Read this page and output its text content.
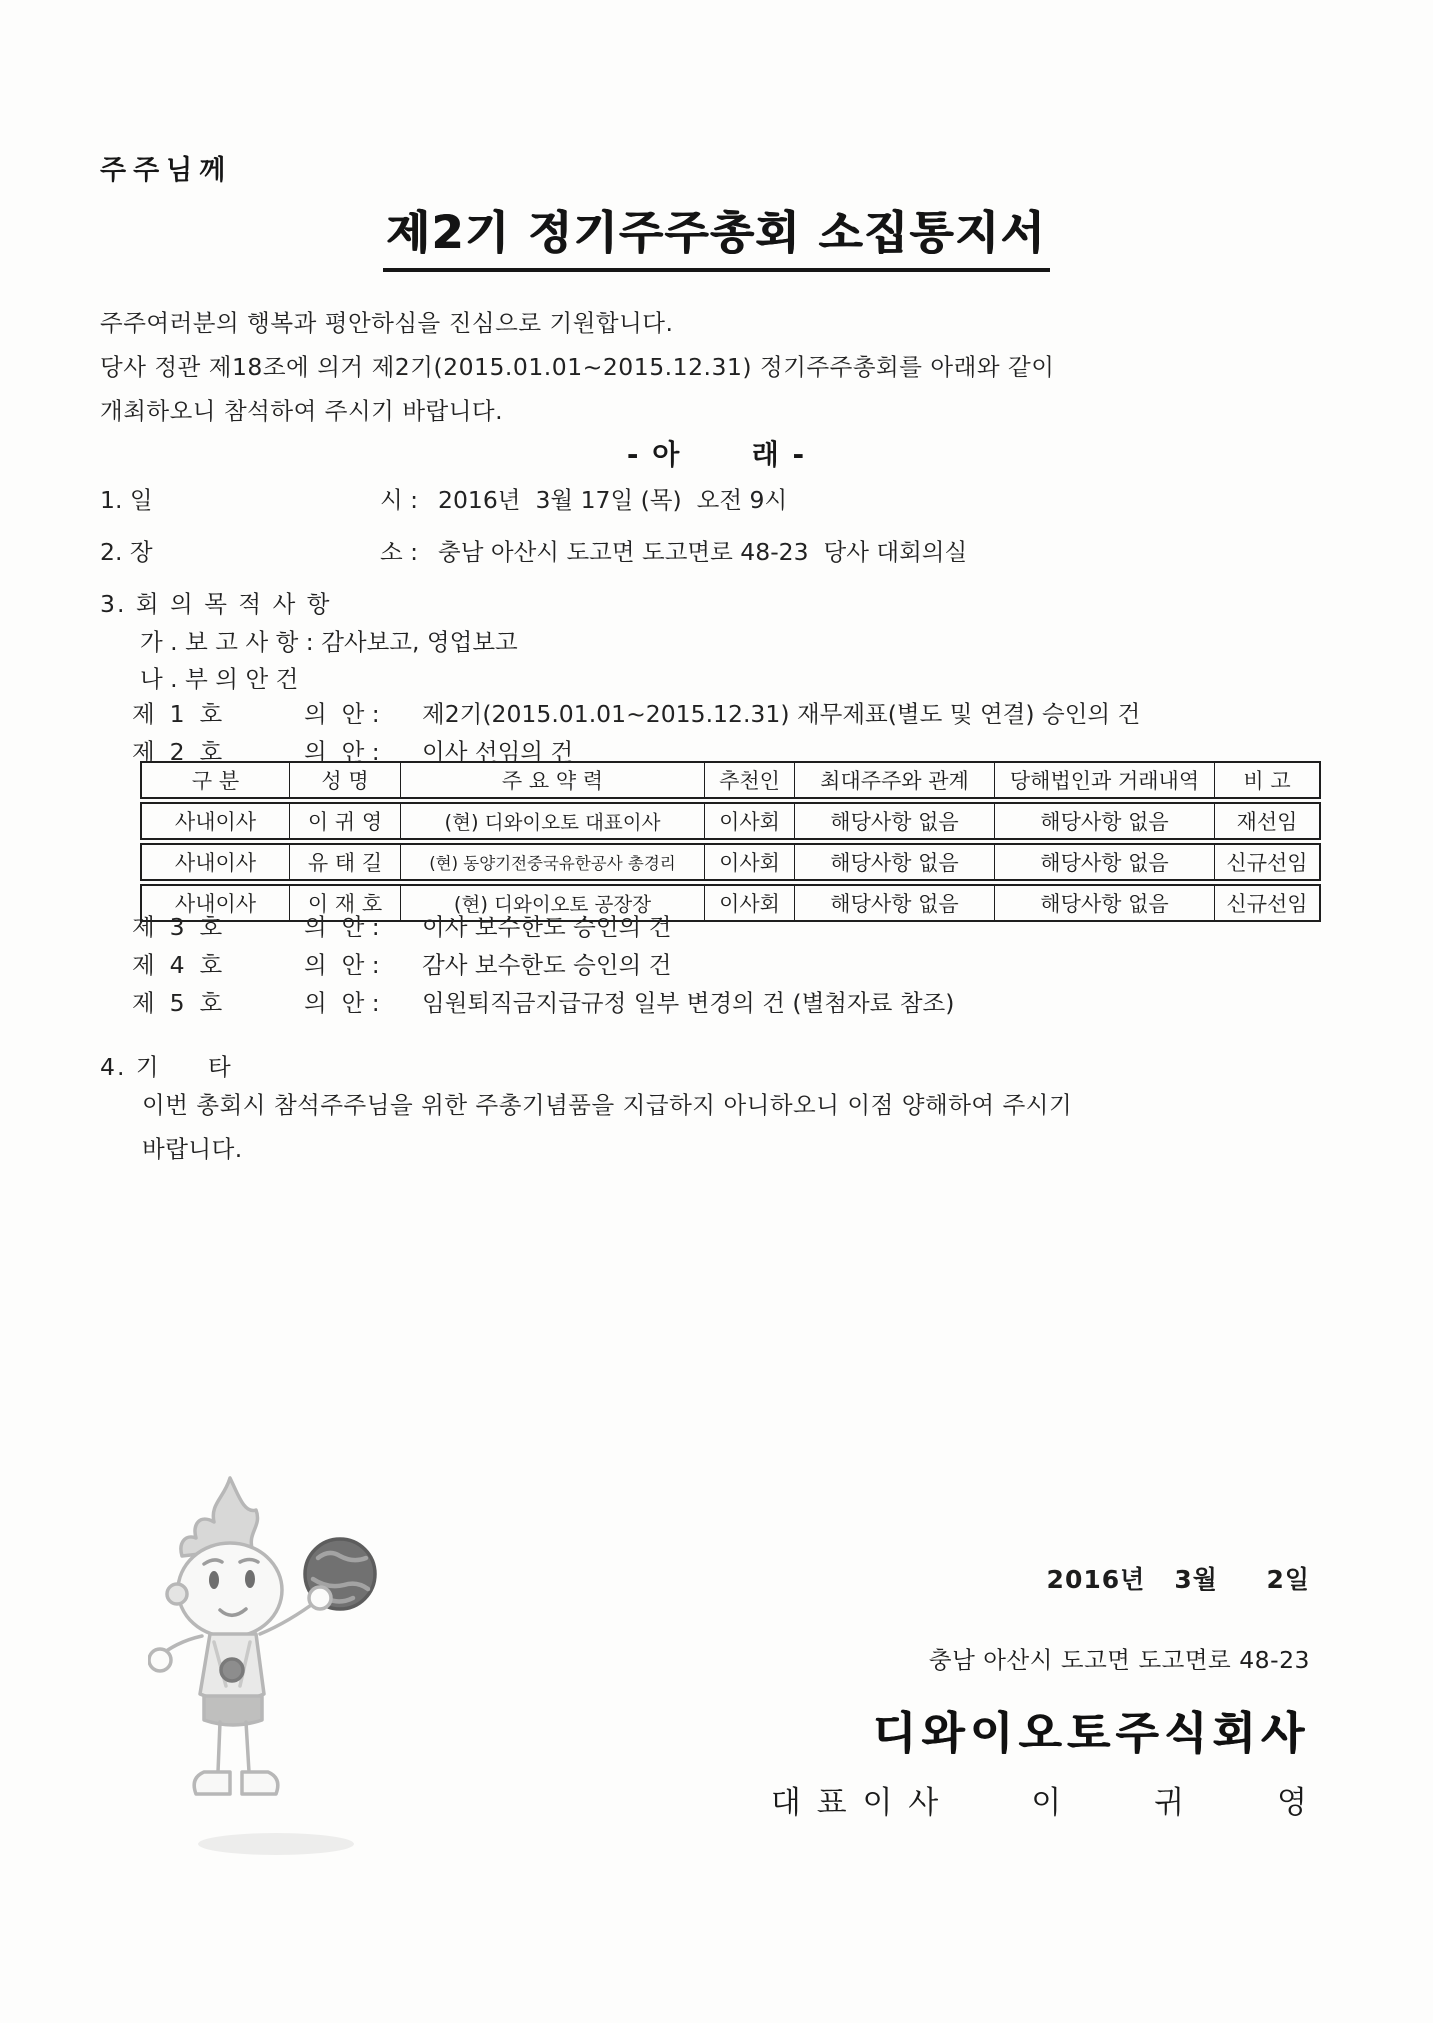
주주님께
제2기 정기주주총회 소집통지서
주주여러분의 행복과 평안하심을 진심으로 기원합니다.
당사 정관 제18조에 의거 제2기(2015.01.01~2015.12.31) 정기주주총회를 아래와 같이
개최하오니 참석하여 주시기 바랍니다.
- 아      래 -
1. 일	시 : 2016년  3월 17일 (목)  오전 9시
2. 장	소 : 충남 아산시 도고면 도고면로 48-23  당사 대회의실
3. 회 의 목 적 사 항
가 . 보 고 사 항 : 감사보고, 영업보고
나 . 부 의 안 건
제  1  호	의  안 :	제2기(2015.01.01~2015.12.31) 재무제표(별도 및 연결) 승인의 건
제  2  호	의  안 :	이사 선임의 건
구 분	성 명	주 요 약 력	추천인	최대주주와 관계	당해법인과 거래내역	비 고
사내이사	이 귀 영	(현) 디와이오토 대표이사	이사회	해당사항 없음	해당사항 없음	재선임
사내이사	유 태 길	(현) 동양기전중국유한공사 총경리	이사회	해당사항 없음	해당사항 없음	신규선임
사내이사	이 재 호	(현) 디와이오토 공장장	이사회	해당사항 없음	해당사항 없음	신규선임
제  3  호	의  안 :	이사 보수한도 승인의 건
제  4  호	의  안 :	감사 보수한도 승인의 건
제  5  호	의  안 :	임원퇴직금지급규정 일부 변경의 건 (별첨자료 참조)
4. 기     타
이번 총회시 참석주주님을 위한 주총기념품을 지급하지 아니하오니 이점 양해하여 주시기
바랍니다.
2016년   3월     2일
충남 아산시 도고면 도고면로 48-23
디와이오토주식회사
대 표 이 사       이       귀       영
